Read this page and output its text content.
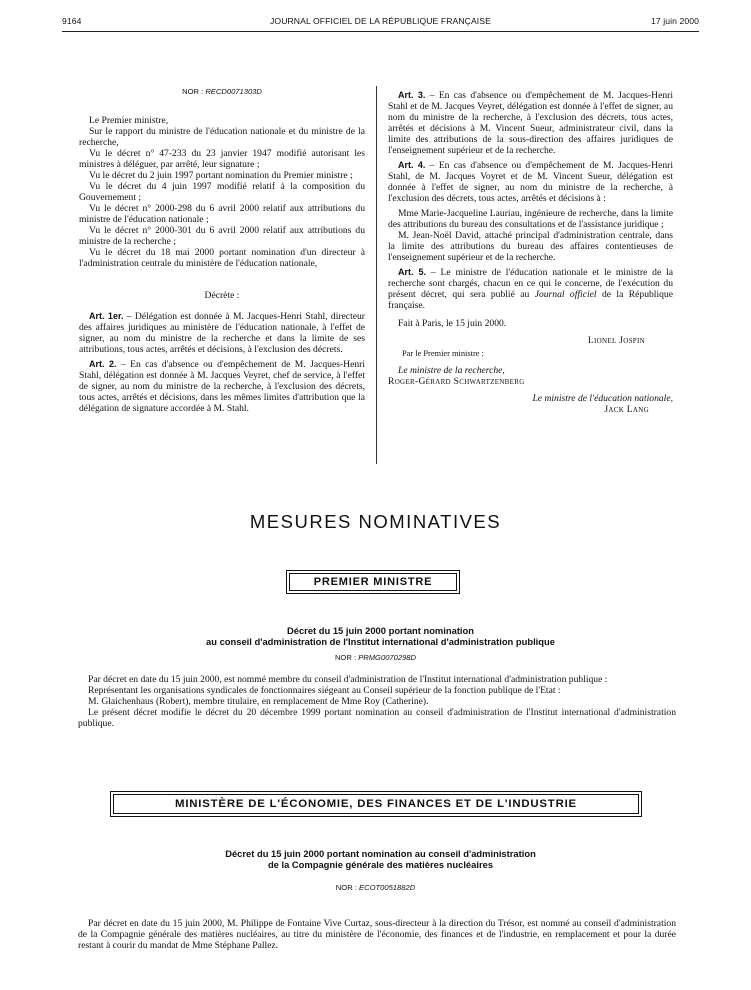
9164	JOURNAL OFFICIEL DE LA RÉPUBLIQUE FRANÇAISE	17 juin 2000
NOR : RECD0071303D

Le Premier ministre,

Sur le rapport du ministre de l'éducation nationale et du ministre de la recherche,

Vu le décret n° 47-233 du 23 janvier 1947 modifié autorisant les ministres à déléguer, par arrêté, leur signature ;

Vu le décret du 2 juin 1997 portant nomination du Premier ministre ;

Vu le décret du 4 juin 1997 modifié relatif à la composition du Gouvernement ;

Vu le décret n° 2000-298 du 6 avril 2000 relatif aux attributions du ministre de l'éducation nationale ;

Vu le décret n° 2000-301 du 6 avril 2000 relatif aux attributions du ministre de la recherche ;

Vu le décret du 18 mai 2000 portant nomination d'un directeur à l'administration centrale du ministère de l'éducation nationale,

Décrète :

Art. 1er. – Délégation est donnée à M. Jacques-Henri Stahl, directeur des affaires juridiques au ministère de l'éducation nationale, à l'effet de signer, au nom du ministre de la recherche et dans la limite de ses attributions, tous actes, arrêtés et décisions, à l'exclusion des décrets.

Art. 2. – En cas d'absence ou d'empêchement de M. Jacques-Henri Stahl, délégation est donnée à M. Jacques Veyret, chef de service, à l'effet de signer, au nom du ministre de la recherche, à l'exclusion des décrets, tous actes, arrêtés et décisions, dans les mêmes limites d'attribution que la délégation de signature accordée à M. Stahl.

Art. 3. – En cas d'absence ou d'empêchement de M. Jacques-Henri Stahl et de M. Jacques Veyret, délégation est donnée à l'effet de signer, au nom du ministre de la recherche, à l'exclusion des décrets, tous actes, arrêtés et décisions à M. Vincent Sueur, administrateur civil, dans la limite des attributions de la sous-direction des affaires juridiques de l'enseignement supérieur et de la recherche.

Art. 4. – En cas d'absence ou d'empêchement de M. Jacques-Henri Stahl, de M. Jacques Voyret et de M. Vincent Sueur, délégation est donnée à l'effet de signer, au nom du ministre de la recherche, à l'exclusion des décrets, tous actes, arrêtés et décisions à :

Mme Marie-Jacqueline Lauriau, ingénieure de recherche, dans la limite des attributions du bureau des consultations et de l'assistance juridique ;

M. Jean-Noël David, attaché principal d'administration centrale, dans la limite des attributions du bureau des affaires contentieuses de l'enseignement supérieur et de la recherche.

Art. 5. – Le ministre de l'éducation nationale et le ministre de la recherche sont chargés, chacun en ce qui le concerne, de l'exécution du présent décret, qui sera publié au Journal officiel de la République française.

Fait à Paris, le 15 juin 2000.

Lionel Jospin

Par le Premier ministre :

Le ministre de la recherche,

Roger-Gérard Schwartzenberg

Le ministre de l'éducation nationale,

Jack Lang

MESURES NOMINATIVES
PREMIER MINISTRE
Décret du 15 juin 2000 portant nomination
au conseil d'administration de l'Institut international d'administration publique
NOR : PRMG0070298D

Par décret en date du 15 juin 2000, est nommé membre du conseil d'administration de l'Institut international d'administration publique :

Représentant les organisations syndicales de fonctionnaires siégeant au Conseil supérieur de la fonction publique de l'Etat :

M. Glaichenhaus (Robert), membre titulaire, en remplacement de Mme Roy (Catherine).

Le présent décret modifie le décret du 20 décembre 1999 portant nomination au conseil d'administration de l'Institut international d'administration publique.

MINISTÈRE DE L'ÉCONOMIE, DES FINANCES ET DE L'INDUSTRIE
Décret du 15 juin 2000 portant nomination au conseil d'administration
de la Compagnie générale des matières nucléaires
NOR : ECOT0051882D

Par décret en date du 15 juin 2000, M. Philippe de Fontaine Vive Curtaz, sous-directeur à la direction du Trésor, est nommé au conseil d'administration de la Compagnie générale des matières nucléaires, au titre du ministère de l'économie, des finances et de l'industrie, en remplacement et pour la durée restant à courir du mandat de Mme Stéphane Pallez.
